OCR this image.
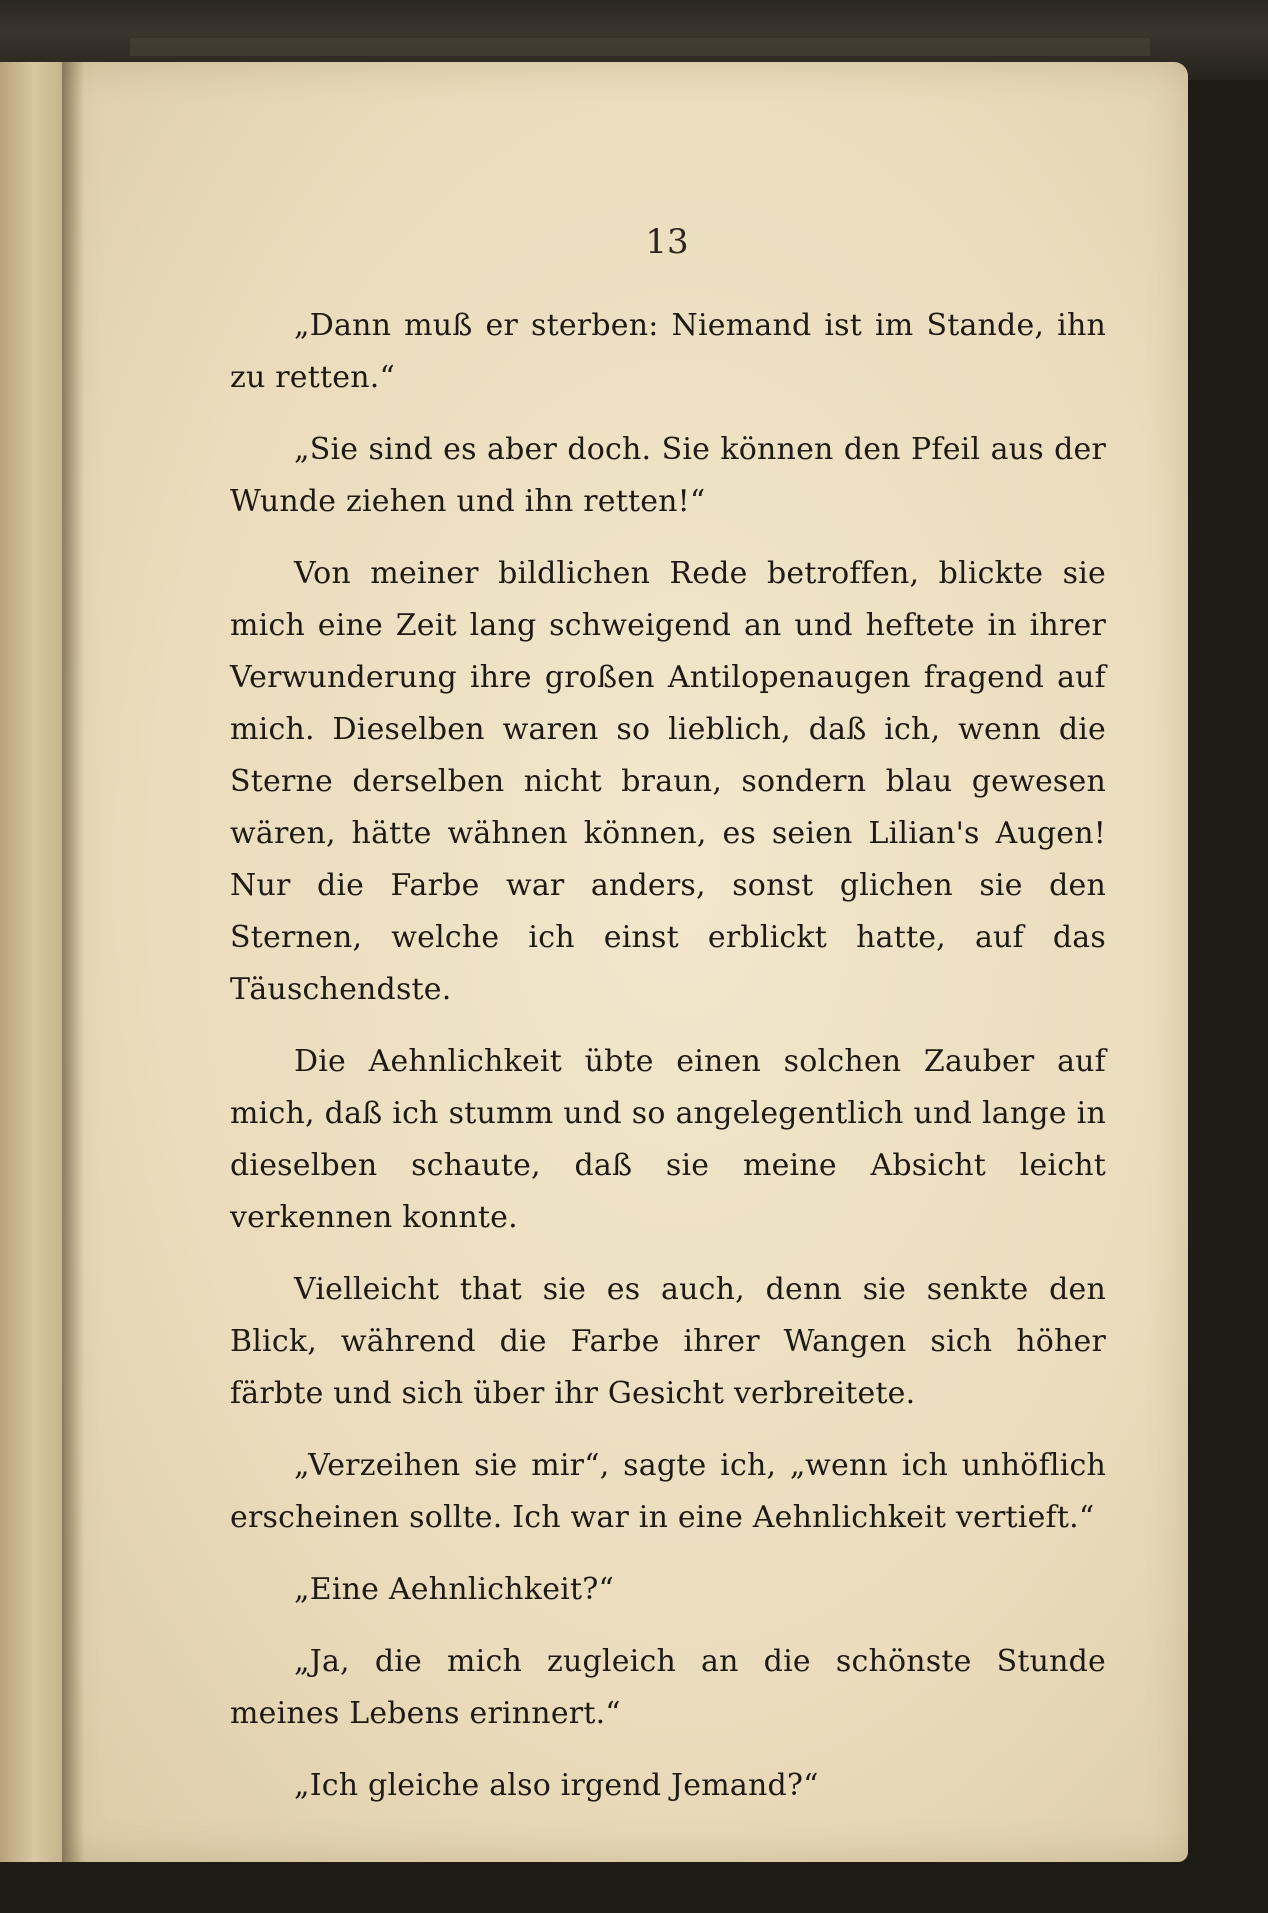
13

„Dann muß er sterben: Niemand ist im Stande, ihn zu retten.“

„Sie sind es aber doch. Sie können den Pfeil aus der Wunde ziehen und ihn retten!“

Von meiner bildlichen Rede betroffen, blickte sie mich eine Zeit lang schweigend an und heftete in ihrer Verwunderung ihre großen Antilopenaugen fragend auf mich. Dieselben waren so lieblich, daß ich, wenn die Sterne derselben nicht braun, sondern blau gewesen wären, hätte wähnen können, es seien Lilian's Augen! Nur die Farbe war anders, sonst glichen sie den Sternen, welche ich einst erblickt hatte, auf das Täuschendste.

Die Aehnlichkeit übte einen solchen Zauber auf mich, daß ich stumm und so angelegentlich und lange in dieselben schaute, daß sie meine Absicht leicht verkennen konnte.

Vielleicht that sie es auch, denn sie senkte den Blick, während die Farbe ihrer Wangen sich höher färbte und sich über ihr Gesicht verbreitete.

„Verzeihen sie mir“, sagte ich, „wenn ich unhöflich erscheinen sollte. Ich war in eine Aehnlichkeit vertieft.“

„Eine Aehnlichkeit?“

„Ja, die mich zugleich an die schönste Stunde meines Lebens erinnert.“

„Ich gleiche also irgend Jemand?“
